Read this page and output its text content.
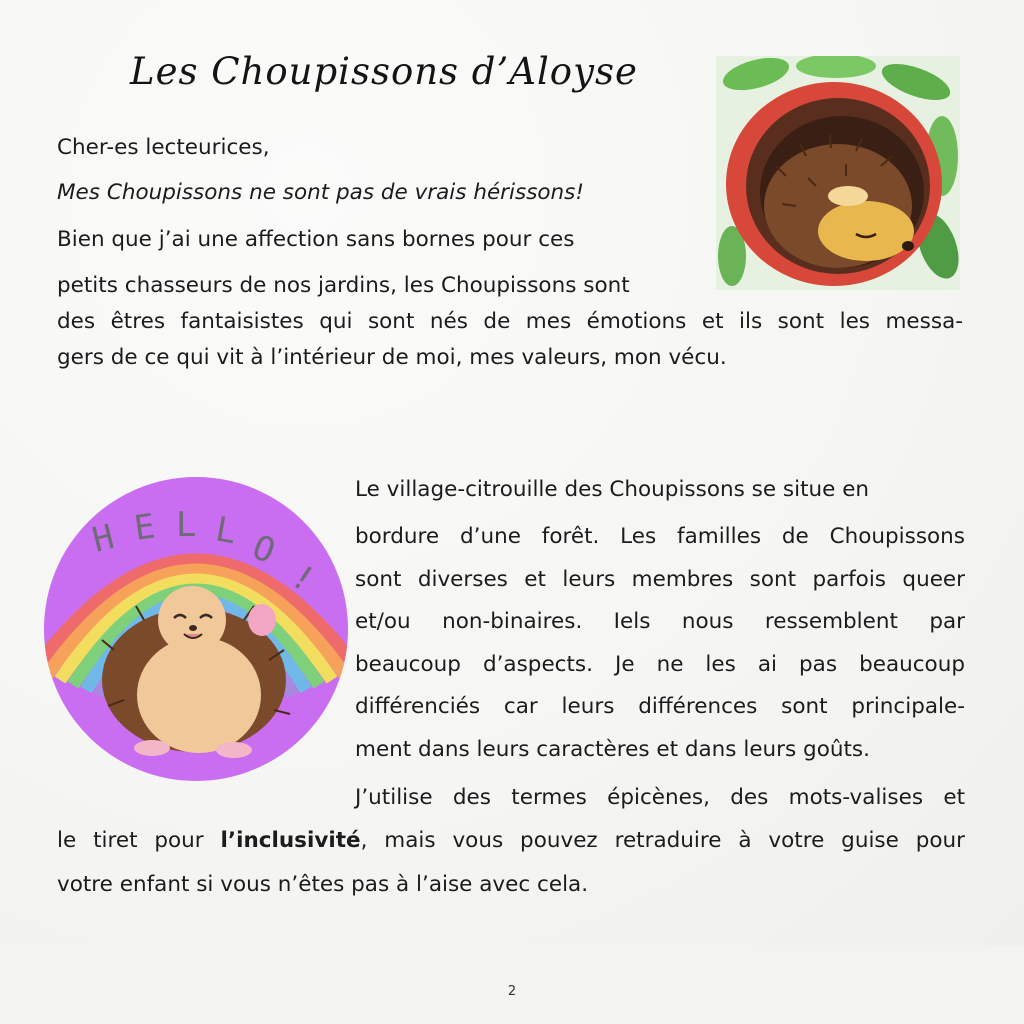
Les Choupissons d’Aloyse
Cher-es lecteurices,
Mes Choupissons ne sont pas de vrais hérissons!
Bien que j’ai une affection sans bornes pour ces
petits chasseurs de nos jardins, les Choupissons sont
des êtres fantaisistes qui sont nés de mes émotions et ils sont les messa-
gers de ce qui vit à l’intérieur de moi, mes valeurs, mon vécu.
H E L L O
!
Le village-citrouille des Choupissons se situe en
bordure d’une forêt. Les familles de Choupissons
sont diverses et leurs membres sont parfois queer
et/ou non-binaires. Iels nous ressemblent par
beaucoup d’aspects. Je ne les ai pas beaucoup
différenciés car leurs différences sont principale-
ment dans leurs caractères et dans leurs goûts.
J’utilise des termes épicènes, des mots-valises et
le tiret pour l’inclusivité, mais vous pouvez retraduire à votre guise pour
votre enfant si vous n’êtes pas à l’aise avec cela.
2
